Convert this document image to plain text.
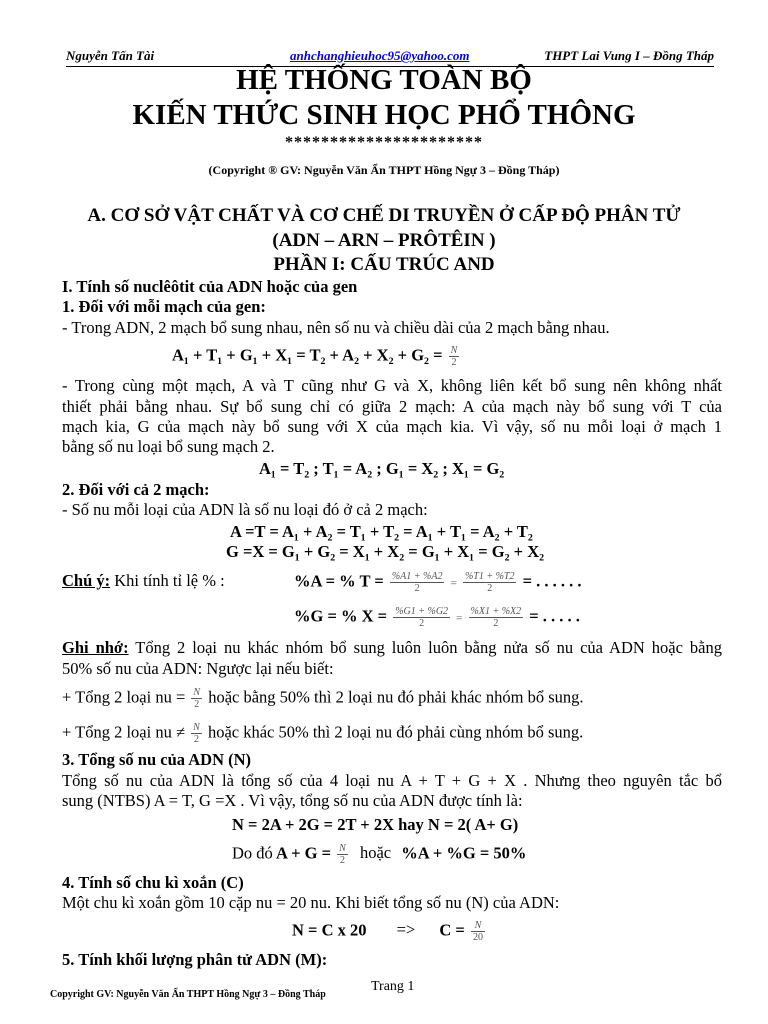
Nguyễn Tấn Tài	anhchanghieuhoc95@yahoo.com	THPT Lai Vung I – Đồng Tháp
HỆ THỐNG TOÀN BỘ
KIẾN THỨC SINH HỌC PHỔ THÔNG
**********************
(Copyright ® GV: Nguyễn Văn Ẩn THPT Hồng Ngự 3 – Đồng Tháp)
A. CƠ SỞ VẬT CHẤT VÀ CƠ CHẾ DI TRUYỀN Ở CẤP ĐỘ PHÂN TỬ
(ADN – ARN – PRÔTÊIN )
PHẦN I: CẤU TRÚC AND
I. Tính số nuclêôtit của ADN hoặc của gen
1. Đối với mỗi mạch của gen:
- Trong ADN, 2 mạch bổ sung nhau, nên số nu và chiều dài của 2 mạch bằng nhau.
$A_1 + T_1 + G_1 + X_1 = T_2 + A_2 + X_2 + G_2 = \frac{N}{2}$
- Trong cùng một mạch, A và T cũng như G và X, không liên kết bổ sung nên không nhất
thiết phải bằng nhau. Sự bổ sung chỉ có giữa 2 mạch: A của mạch này bổ sung với T của
mạch kia, G của mạch này bổ sung với X của mạch kia. Vì vậy, số nu mỗi loại ở mạch 1
bằng số nu loại bổ sung mạch 2.
A₁ = T₂ ; T₁ = A₂ ; G₁ = X₂ ; X₁ = G₂
2. Đối với cả 2 mạch:
- Số nu mỗi loại của ADN là số nu loại đó ở cả 2 mạch:
A =T = A₁ + A₂ = T₁ + T₂ = A₁ + T₁ = A₂ + T₂
G =X = G₁ + G₂ = X₁ + X₂ = G₁ + X₁ = G₂ + X₂
Chú ý: Khi tính tỉ lệ % :	%A = % $T = \frac{\%A1 + \%A2}{2} = \frac{\%T1 + \%T2}{2}$ = . . . . . .
%G = % $X = \frac{\%G1 + \%G2}{2} = \frac{\%X1 + \%X2}{2}$ = . . . . .
Ghi nhớ: Tổng 2 loại nu khác nhóm bổ sung luôn luôn bằng nửa số nu của ADN hoặc bằng
50% số nu của ADN: Ngược lại nếu biết:
+ Tổng 2 loại nu = $\frac{N}{2}$ hoặc bằng 50% thì 2 loại nu đó phải khác nhóm bổ sung.
+ Tổng 2 loại nu ≠ $\frac{N}{2}$ hoặc khác 50% thì 2 loại nu đó phải cùng nhóm bổ sung.
3. Tổng số nu của ADN (N)
Tổng số nu của ADN là tổng số của 4 loại nu A + T + G + X . Nhưng theo nguyên tắc bổ
sung (NTBS) A = T, G =X . Vì vậy, tổng số nu của ADN được tính là:
N = 2A + 2G = 2T + 2X hay N = 2( A+ G)
Do đó $A + G = \frac{N}{2}$ hoặc %A + %G = 50%
4. Tính số chu kì xoắn (C)
Một chu kì xoắn gồm 10 cặp nu = 20 nu. Khi biết tổng số nu (N) của ADN:
N = C x $20 => C = \frac{N}{20}$
5. Tính khối lượng phân tử ADN (M):
Copyright GV: Nguyễn Văn Ẩn THPT Hồng Ngự 3 – Đồng Tháp
Trang 1
